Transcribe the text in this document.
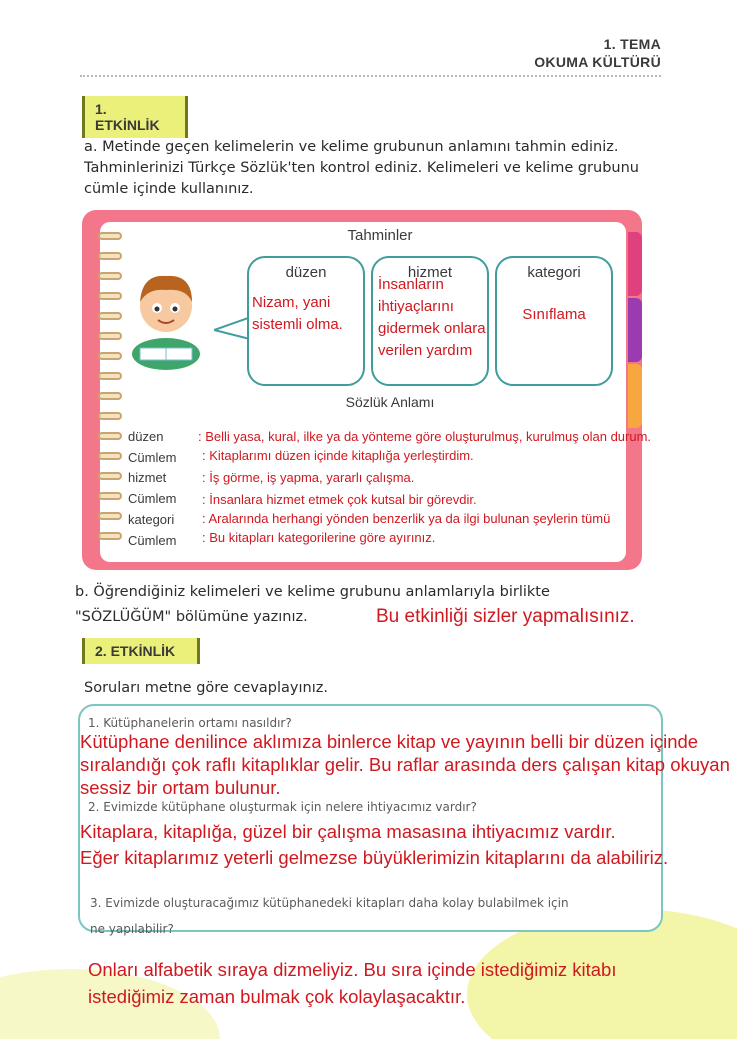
1. TEMA
OKUMA KÜLTÜRÜ
1. ETKİNLİK
a. Metinde geçen kelimelerin ve kelime grubunun anlamını tahmin ediniz. Tahminlerinizi Türkçe Sözlük'ten kontrol ediniz. Kelimeleri ve kelime grubunu cümle içinde kullanınız.
Tahminler
düzen
Nizam, yani sistemli olma.
hizmet
İnsanların ihtiyaçlarını gidermek onlara verilen yardım
kategori
Sınıflama
Sözlük Anlamı
düzen	: Belli yasa, kural, ilke ya da yönteme göre oluşturulmuş, kurulmuş olan durum.
Cümlem : Kitaplarımı düzen içinde kitaplığa yerleştirdim.
hizmet	: İş görme, iş yapma, yararlı çalışma.
Cümlem : İnsanlara hizmet etmek çok kutsal bir görevdir.
kategori : Aralarında herhangi yönden benzerlik ya da ilgi bulunan şeylerin tümü
Cümlem : Bu kitapları kategorilerine göre ayırınız.
b. Öğrendiğiniz kelimeleri ve kelime grubunu anlamlarıyla birlikte
"SÖZLÜĞÜM" bölümüne yazınız.	Bu etkinliği sizler yapmalısınız.
2. ETKİNLİK
Soruları metne göre cevaplayınız.
1. Kütüphanelerin ortamı nasıldır?
Kütüphane denilince aklımıza binlerce kitap ve yayının belli bir düzen içinde sıralandığı çok raflı kitaplıklar gelir. Bu raflar arasında ders çalışan kitap okuyan sessiz bir ortam bulunur.
2. Evimizde kütüphane oluşturmak için nelere ihtiyacımız vardır?
Kitaplara, kitaplığa, güzel bir çalışma masasına ihtiyacımız vardır.
Eğer kitaplarımız yeterli gelmezse büyüklerimizin kitaplarını da alabiliriz.
3. Evimizde oluşturacağımız kütüphanedeki kitapları daha kolay bulabilmek için
ne yapılabilir?
Onları alfabetik sıraya dizmeliyiz. Bu sıra içinde istediğimiz kitabı istediğimiz zaman bulmak çok kolaylaşacaktır.
